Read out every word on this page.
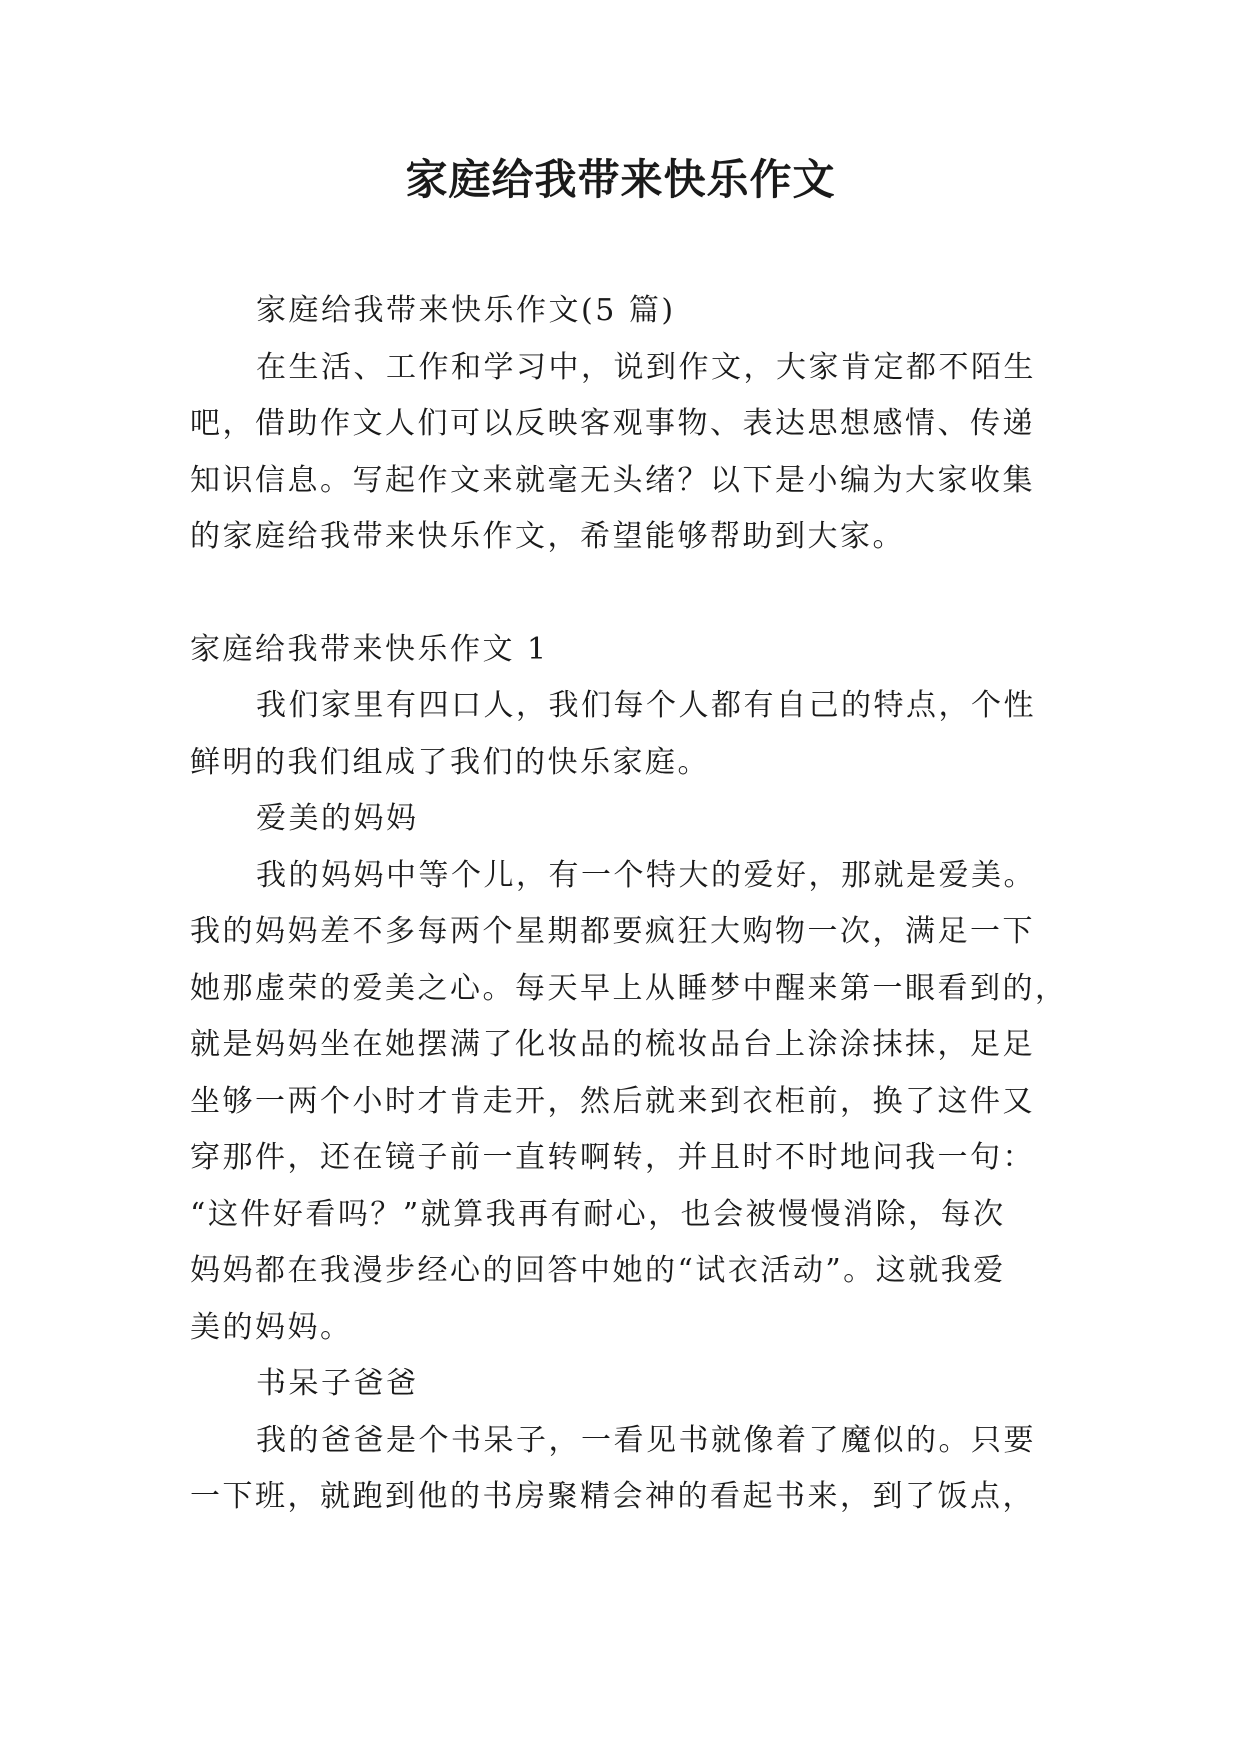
家庭给我带来快乐作文
家庭给我带来快乐作文(5 篇)
在生活、工作和学习中，说到作文，大家肯定都不陌生
吧，借助作文人们可以反映客观事物、表达思想感情、传递
知识信息。写起作文来就毫无头绪？以下是小编为大家收集
的家庭给我带来快乐作文，希望能够帮助到大家。
家庭给我带来快乐作文 1
我们家里有四口人，我们每个人都有自己的特点，个性
鲜明的我们组成了我们的快乐家庭。
爱美的妈妈
我的妈妈中等个儿，有一个特大的爱好，那就是爱美。
我的妈妈差不多每两个星期都要疯狂大购物一次，满足一下
她那虚荣的爱美之心。每天早上从睡梦中醒来第一眼看到的，
就是妈妈坐在她摆满了化妆品的梳妆品台上涂涂抹抹，足足
坐够一两个小时才肯走开，然后就来到衣柜前，换了这件又
穿那件，还在镜子前一直转啊转，并且时不时地问我一句：
“这件好看吗？”就算我再有耐心，也会被慢慢消除，每次
妈妈都在我漫步经心的回答中她的“试衣活动”。这就我爱
美的妈妈。
书呆子爸爸
我的爸爸是个书呆子，一看见书就像着了魔似的。只要
一下班，就跑到他的书房聚精会神的看起书来，到了饭点，
